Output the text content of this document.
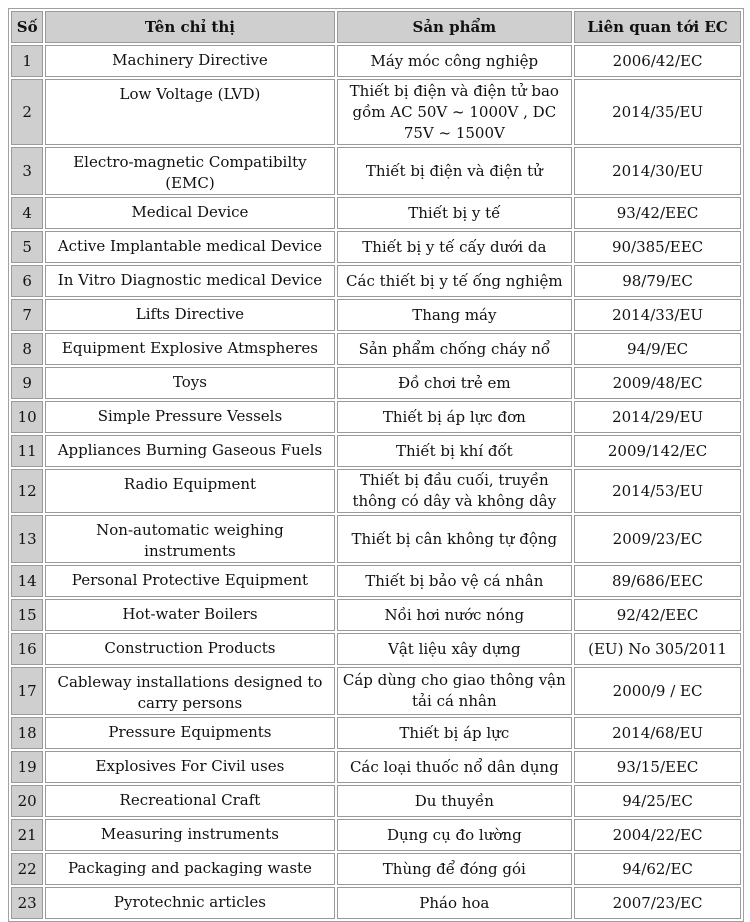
Số	Tên chỉ thị	Sản phẩm	Liên quan tới EC
1	Machinery Directive	Máy móc công nghiệp	2006/42/EC
2	Low Voltage (LVD)	Thiết bị điện và điện tử bao gồm AC 50V ~ 1000V , DC 75V ~ 1500V	2014/35/EU
3	Electro-magnetic Compatibilty (EMC)	Thiết bị điện và điện tử	2014/30/EU
4	Medical Device	Thiết bị y tế	93/42/EEC
5	Active Implantable medical Device	Thiết bị y tế cấy dưới da	90/385/EEC
6	In Vitro Diagnostic medical Device	Các thiết bị y tế ống nghiệm	98/79/EC
7	Lifts Directive	Thang máy	2014/33/EU
8	Equipment Explosive Atmspheres	Sản phẩm chống cháy nổ	94/9/EC
9	Toys	Đồ chơi trẻ em	2009/48/EC
10	Simple Pressure Vessels	Thiết bị áp lực đơn	2014/29/EU
11	Appliances Burning Gaseous Fuels	Thiết bị khí đốt	2009/142/EC
12	Radio Equipment	Thiết bị đầu cuối, truyền thông có dây và không dây	2014/53/EU
13	Non-automatic weighing instruments	Thiết bị cân không tự động	2009/23/EC
14	Personal Protective Equipment	Thiết bị bảo vệ cá nhân	89/686/EEC
15	Hot-water Boilers	Nồi hơi nước nóng	92/42/EEC
16	Construction Products	Vật liệu xây dựng	(EU) No 305/2011
17	Cableway installations designed to carry persons	Cáp dùng cho giao thông vận tải cá nhân	2000/9 / EC
18	Pressure Equipments	Thiết bị áp lực	2014/68/EU
19	Explosives For Civil uses	Các loại thuốc nổ dân dụng	93/15/EEC
20	Recreational Craft	Du thuyền	94/25/EC
21	Measuring instruments	Dụng cụ đo lường	2004/22/EC
22	Packaging and packaging waste	Thùng để đóng gói	94/62/EC
23	Pyrotechnic articles	Pháo hoa	2007/23/EC
